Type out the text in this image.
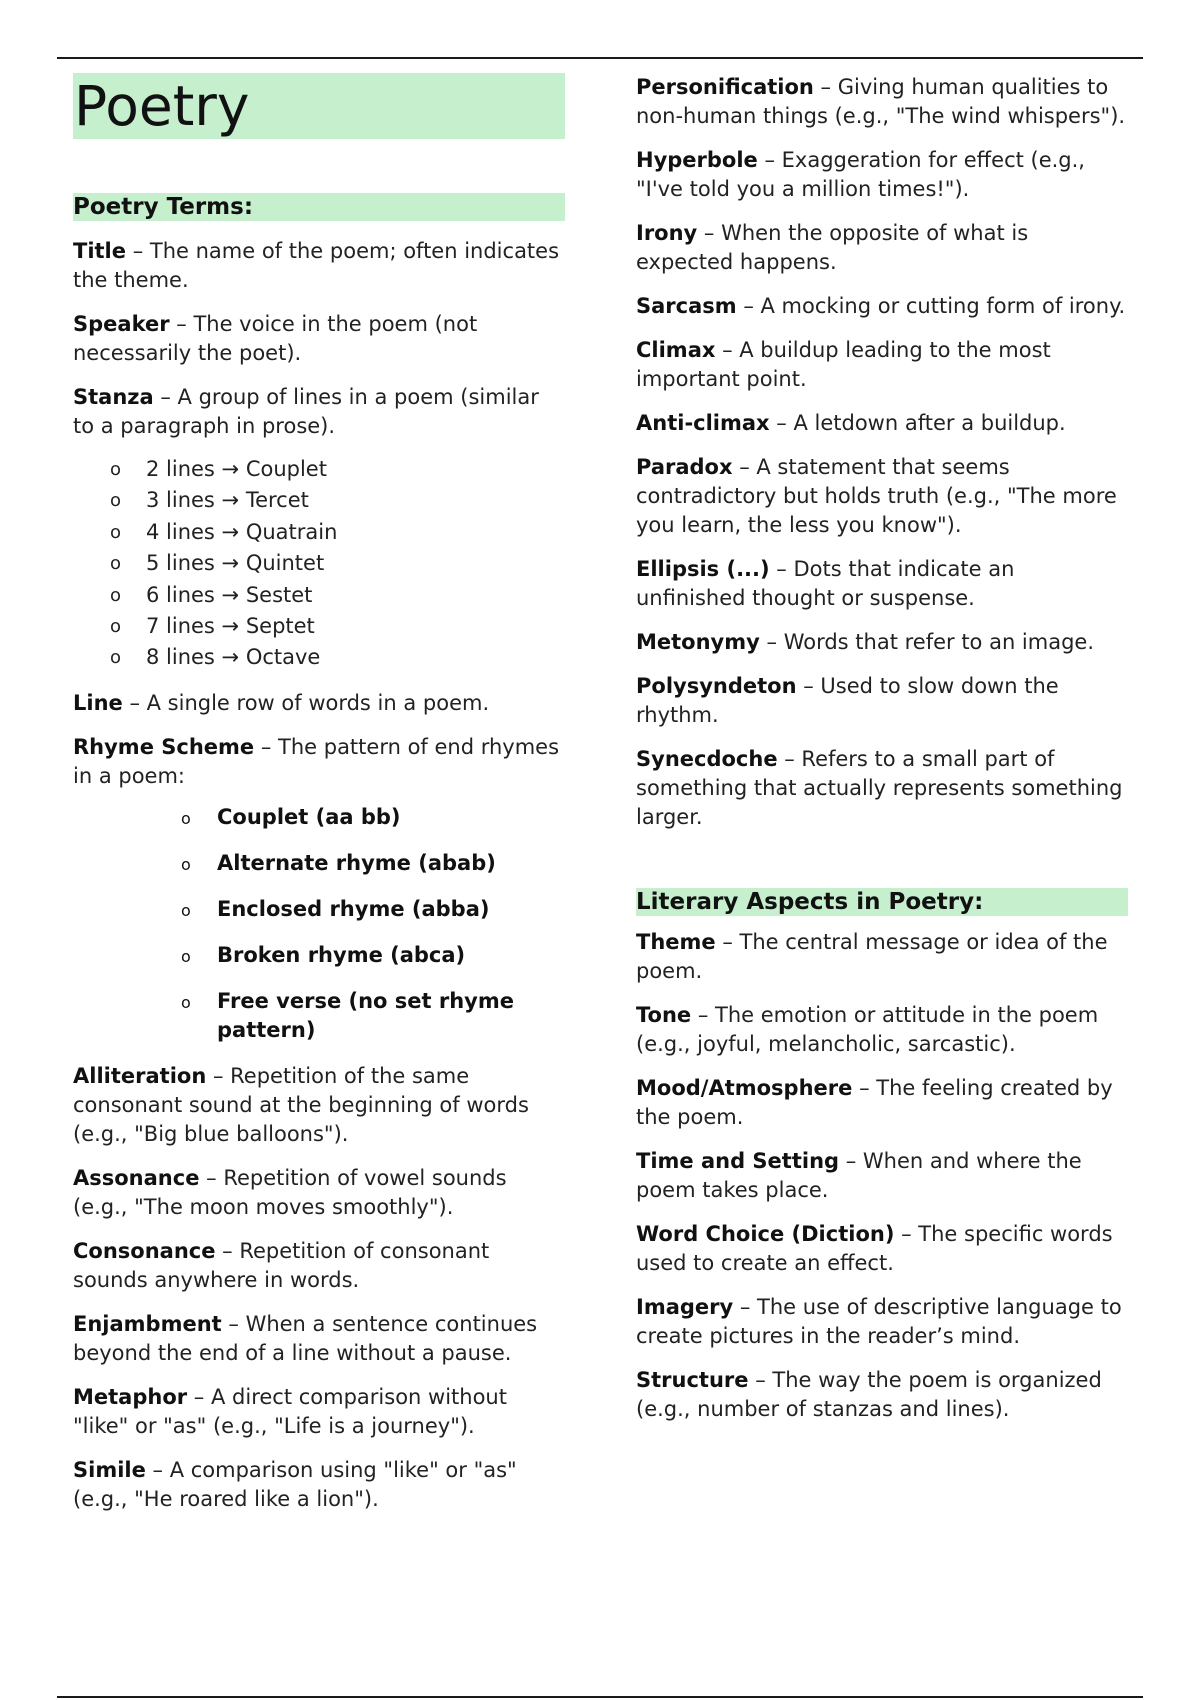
Poetry
Poetry Terms:

Title – The name of the poem; often indicates the theme.

Speaker – The voice in the poem (not necessarily the poet).

Stanza – A group of lines in a poem (similar to a paragraph in prose).

o 2 lines → Couplet
o 3 lines → Tercet
o 4 lines → Quatrain
o 5 lines → Quintet
o 6 lines → Sestet
o 7 lines → Septet
o 8 lines → Octave

Line – A single row of words in a poem.

Rhyme Scheme – The pattern of end rhymes in a poem:

o Couplet (aa bb)
o Alternate rhyme (abab)
o Enclosed rhyme (abba)
o Broken rhyme (abca)
o Free verse (no set rhyme pattern)

Alliteration – Repetition of the same consonant sound at the beginning of words (e.g., "Big blue balloons").

Assonance – Repetition of vowel sounds (e.g., "The moon moves smoothly").

Consonance – Repetition of consonant sounds anywhere in words.

Enjambment – When a sentence continues beyond the end of a line without a pause.

Metaphor – A direct comparison without "like" or "as" (e.g., "Life is a journey").

Simile – A comparison using "like" or "as" (e.g., "He roared like a lion").

Personification – Giving human qualities to non-human things (e.g., "The wind whispers").

Hyperbole – Exaggeration for effect (e.g., "I've told you a million times!").

Irony – When the opposite of what is expected happens.

Sarcasm – A mocking or cutting form of irony.

Climax – A buildup leading to the most important point.

Anti-climax – A letdown after a buildup.

Paradox – A statement that seems contradictory but holds truth (e.g., "The more you learn, the less you know").

Ellipsis (...) – Dots that indicate an unfinished thought or suspense.

Metonymy – Words that refer to an image.

Polysyndeton – Used to slow down the rhythm.

Synecdoche – Refers to a small part of something that actually represents something larger.

Literary Aspects in Poetry:

Theme – The central message or idea of the poem.

Tone – The emotion or attitude in the poem (e.g., joyful, melancholic, sarcastic).

Mood/Atmosphere – The feeling created by the poem.

Time and Setting – When and where the poem takes place.

Word Choice (Diction) – The specific words used to create an effect.

Imagery – The use of descriptive language to create pictures in the reader’s mind.

Structure – The way the poem is organized (e.g., number of stanzas and lines).
